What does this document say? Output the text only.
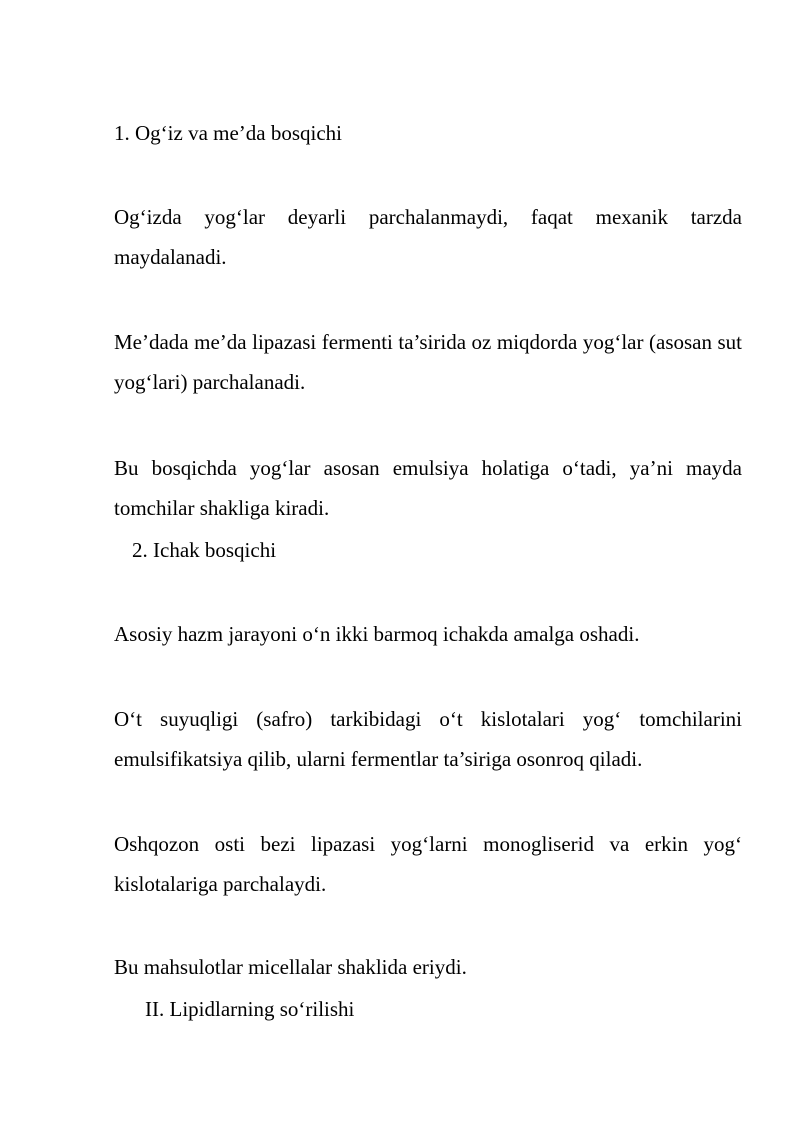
1. Og‘iz va me’da bosqichi
Og‘izda yog‘lar deyarli parchalanmaydi, faqat mexanik tarzda maydalanadi.
Me’dada me’da lipazasi fermenti ta’sirida oz miqdorda yog‘lar (asosan sut yog‘lari) parchalanadi.
Bu bosqichda yog‘lar asosan emulsiya holatiga o‘tadi, ya’ni mayda tomchilar shakliga kiradi.
2. Ichak bosqichi
Asosiy hazm jarayoni o‘n ikki barmoq ichakda amalga oshadi.
O‘t suyuqligi (safro) tarkibidagi o‘t kislotalari yog‘ tomchilarini emulsifikatsiya qilib, ularni fermentlar ta’siriga osonroq qiladi.
Oshqozon osti bezi lipazasi yog‘larni monogliserid va erkin yog‘ kislotalariga parchalaydi.
Bu mahsulotlar micellalar shaklida eriydi.
II. Lipidlarning so‘rilishi
